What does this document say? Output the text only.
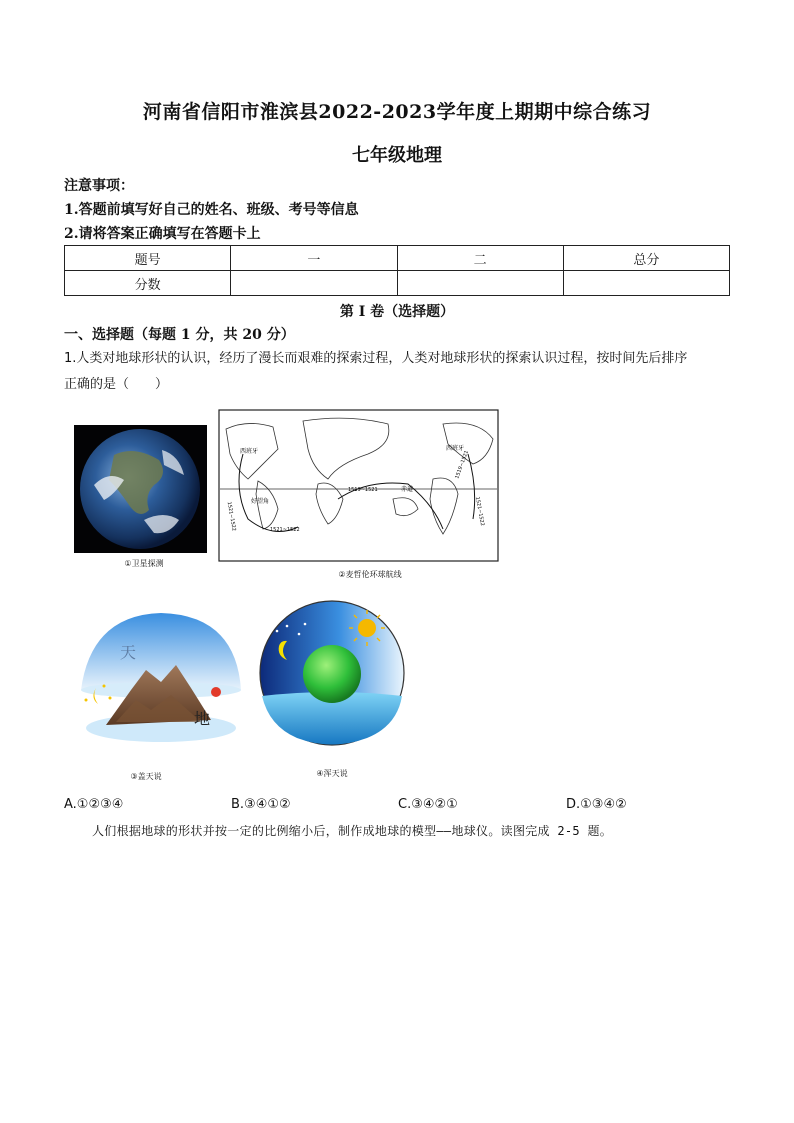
河南省信阳市淮滨县2022-2023学年度上期期中综合练习
七年级地理
注意事项：
1.答题前填写好自己的姓名、班级、考号等信息
2.请将答案正确填写在答题卡上
题号	一	二	总分
分数			
第 I 卷（选择题）
一、选择题（每题 1 分，共 20 分）
1.人类对地球形状的认识，经历了漫长而艰难的探索过程，人类对地球形状的探索认识过程，按时间先后排序
正确的是（　　）
①卫星探测
西班牙	西班牙
1519~1521	赤道
好望角
1521~1522
1521~1522	1521~1522
1519~1521
②麦哲伦环球航线
天
地
③盖天说	④浑天说
A.①②③④	B.③④①②	C.③④②①	D.①③④②
人们根据地球的形状并按一定的比例缩小后，制作成地球的模型——地球仪。读图完成 2-5 题。
